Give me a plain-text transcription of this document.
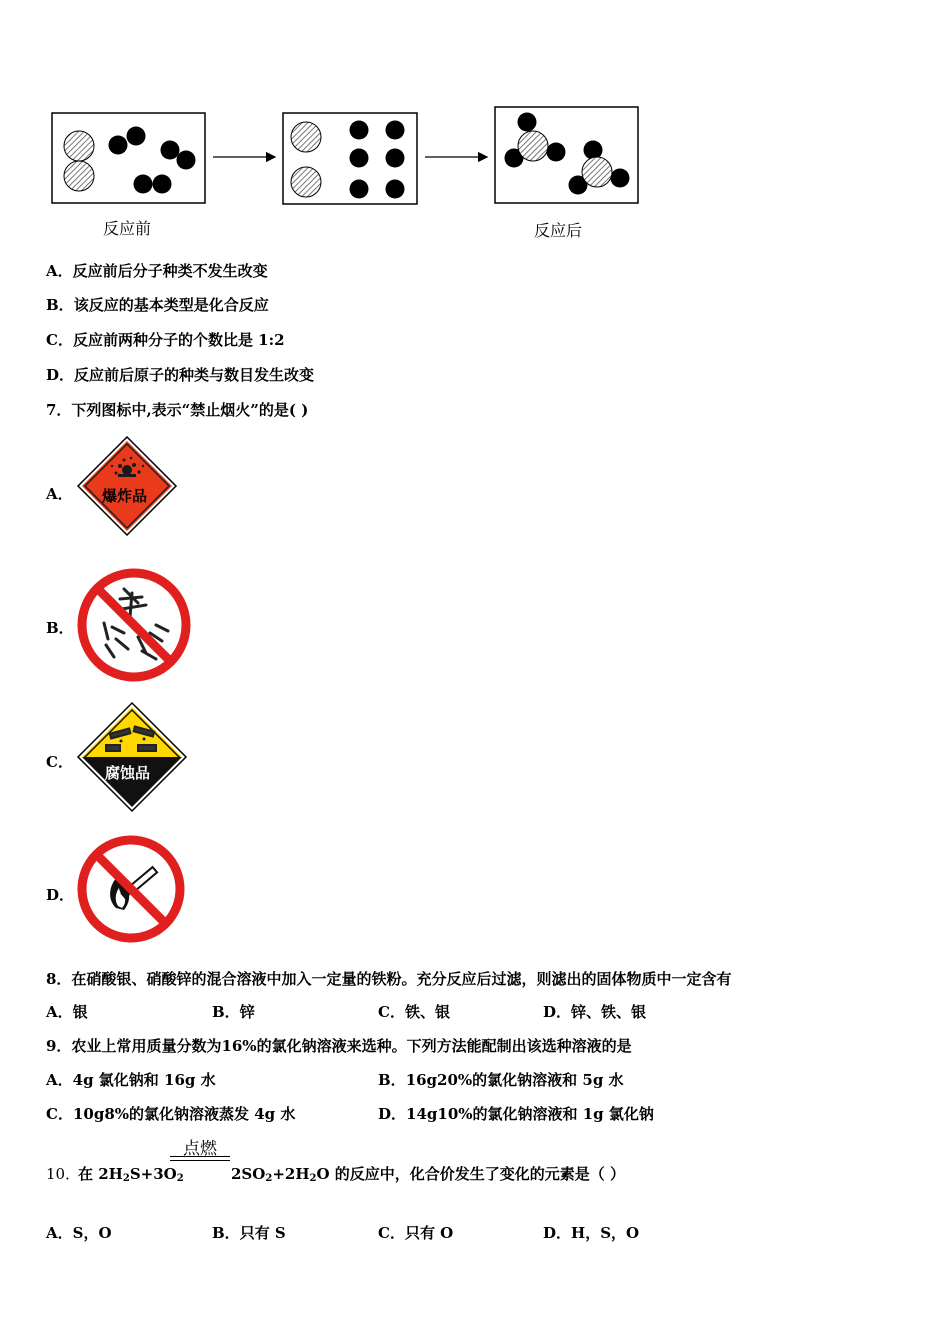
反应前	反应后
A．反应前后分子种类不发生改变
B．该反应的基本类型是化合反应
C．反应前两种分子的个数比是 1:2
D．反应前后原子的种类与数目发生改变
7．下列图标中,表示“禁止烟火”的是( )
A． 爆炸品
B．
C．
腐蚀品
D．
8．在硝酸银、硝酸锌的混合溶液中加入一定量的铁粉。充分反应后过滤，则滤出的固体物质中一定含有
A．银	B．锌	C．铁、银	D．锌、铁、银
9．农业上常用质量分数为16%的氯化钠溶液来选种。下列方法能配制出该选种溶液的是
A．4g 氯化钠和 16g 水	B．16g20%的氯化钠溶液和 5g 水
C．10g8%的氯化钠溶液蒸发 4g 水	D．14g10%的氯化钠溶液和 1g 氯化钠
10．
在 $2H_2S+3O_2$
点燃
$2SO_2+2H_2O$ 的反应中，化合价发生了变化的元素是（ ）
A．S，O	B．只有 S	C．只有 O	D．H，S，O
